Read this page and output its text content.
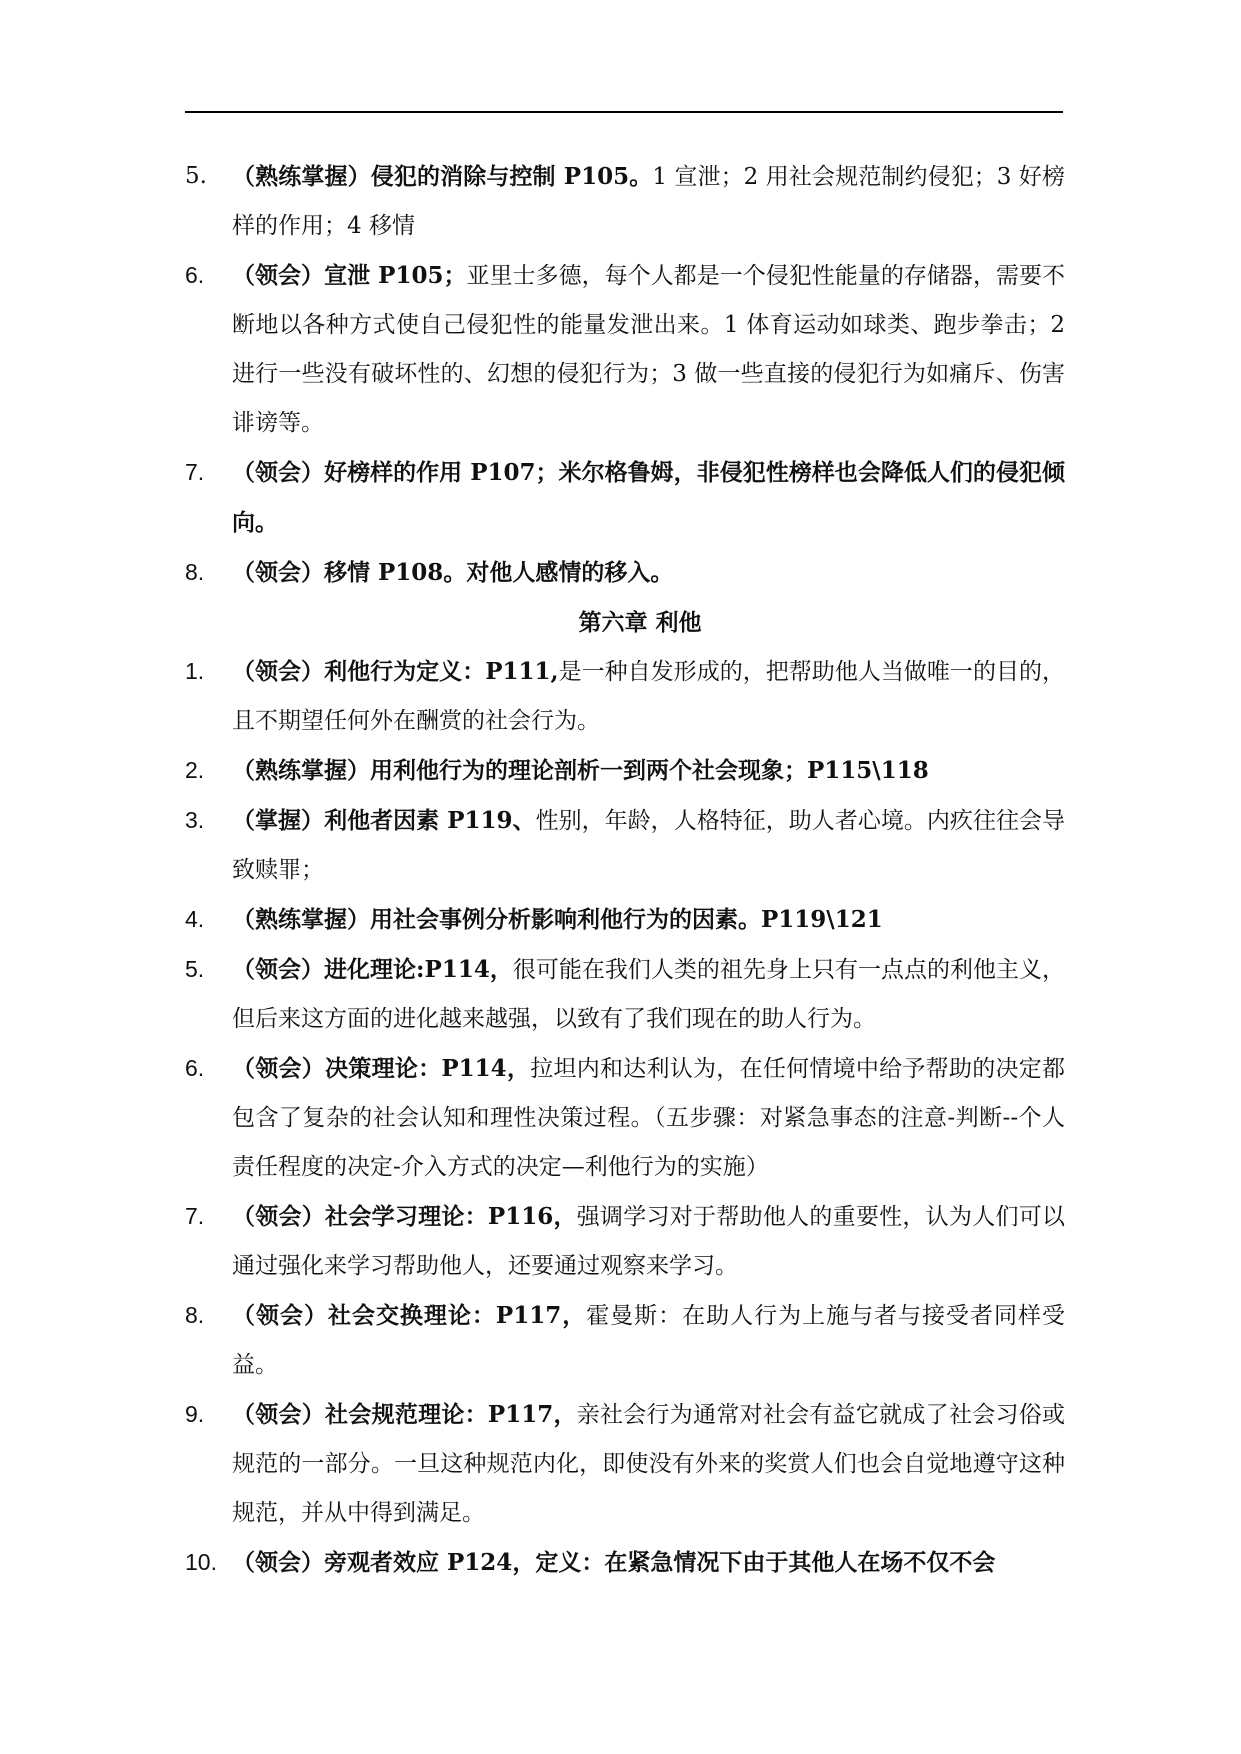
5.	（熟练掌握）侵犯的消除与控制 P105。1 宣泄；2 用社会规范制约侵犯；3 好榜样的作用；4 移情
6.	（领会）宣泄 P105；亚里士多德，每个人都是一个侵犯性能量的存储器，需要不断地以各种方式使自己侵犯性的能量发泄出来。1 体育运动如球类、跑步拳击；2 进行一些没有破坏性的、幻想的侵犯行为；3 做一些直接的侵犯行为如痛斥、伤害诽谤等。
7.	（领会）好榜样的作用 P107；米尔格鲁姆，非侵犯性榜样也会降低人们的侵犯倾向。
8.	（领会）移情 P108。对他人感情的移入。
第六章 利他
1.	（领会）利他行为定义：P111,是一种自发形成的，把帮助他人当做唯一的目的，且不期望任何外在酬赏的社会行为。
2.	（熟练掌握）用利他行为的理论剖析一到两个社会现象；P115\118
3.	（掌握）利他者因素 P119、性别，年龄，人格特征，助人者心境。内疚往往会导致赎罪；
4.	（熟练掌握）用社会事例分析影响利他行为的因素。P119\121
5.	（领会）进化理论:P114，很可能在我们人类的祖先身上只有一点点的利他主义，但后来这方面的进化越来越强，以致有了我们现在的助人行为。
6.	（领会）决策理论：P114，拉坦内和达利认为，在任何情境中给予帮助的决定都包含了复杂的社会认知和理性决策过程。（五步骤：对紧急事态的注意-判断--个人责任程度的决定-介入方式的决定—利他行为的实施）
7.	（领会）社会学习理论：P116，强调学习对于帮助他人的重要性，认为人们可以通过强化来学习帮助他人，还要通过观察来学习。
8.	（领会）社会交换理论：P117，霍曼斯：在助人行为上施与者与接受者同样受益。
9.	（领会）社会规范理论：P117，亲社会行为通常对社会有益它就成了社会习俗或规范的一部分。一旦这种规范内化，即使没有外来的奖赏人们也会自觉地遵守这种规范，并从中得到满足。
10. （领会）旁观者效应 P124，定义：在紧急情况下由于其他人在场不仅不会
